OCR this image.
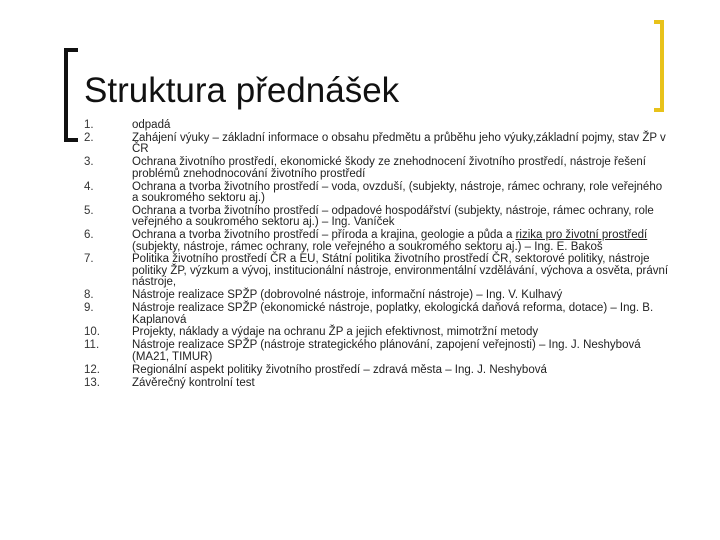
Struktura přednášek
1.	odpadá
2.	Zahájení výuky – základní informace o obsahu předmětu a průběhu jeho výuky,základní pojmy, stav ŽP v ČR
3.	Ochrana životního prostředí, ekonomické škody ze znehodnocení životního prostředí, nástroje řešení problémů znehodnocování životního prostředí
4.	Ochrana a tvorba životního prostředí – voda, ovzduší, (subjekty, nástroje, rámec ochrany, role veřejného a soukromého sektoru aj.)
5.	Ochrana a tvorba životního prostředí – odpadové hospodářství (subjekty, nástroje, rámec ochrany, role veřejného a soukromého sektoru aj.) – Ing. Vaníček
6.	Ochrana a tvorba životního prostředí – příroda a krajina, geologie a půda a rizika pro životní prostředí (subjekty, nástroje, rámec ochrany, role veřejného a soukromého sektoru aj.) – Ing. E. Bakoš
7.	Politika životního prostředí ČR a EU, Státní politika životního prostředí ČR, sektorové politiky, nástroje politiky ŽP, výzkum a vývoj, institucionální nástroje, environmentální vzdělávání, výchova a osvěta, právní nástroje,
8.	Nástroje realizace SPŽP (dobrovolné nástroje, informační nástroje) – Ing. V. Kulhavý
9.	Nástroje realizace SPŽP (ekonomické nástroje, poplatky, ekologická daňová reforma, dotace) – Ing. B. Kaplanová
10.	Projekty, náklady a výdaje na ochranu ŽP a jejich efektivnost, mimotržní metody
11.	Nástroje realizace SPŽP (nástroje strategického plánování, zapojení veřejnosti) – Ing. J. Neshybová (MA21, TIMUR)
12.	Regionální aspekt politiky životního prostředí – zdravá města – Ing. J. Neshybová
13.	Závěrečný kontrolní test
